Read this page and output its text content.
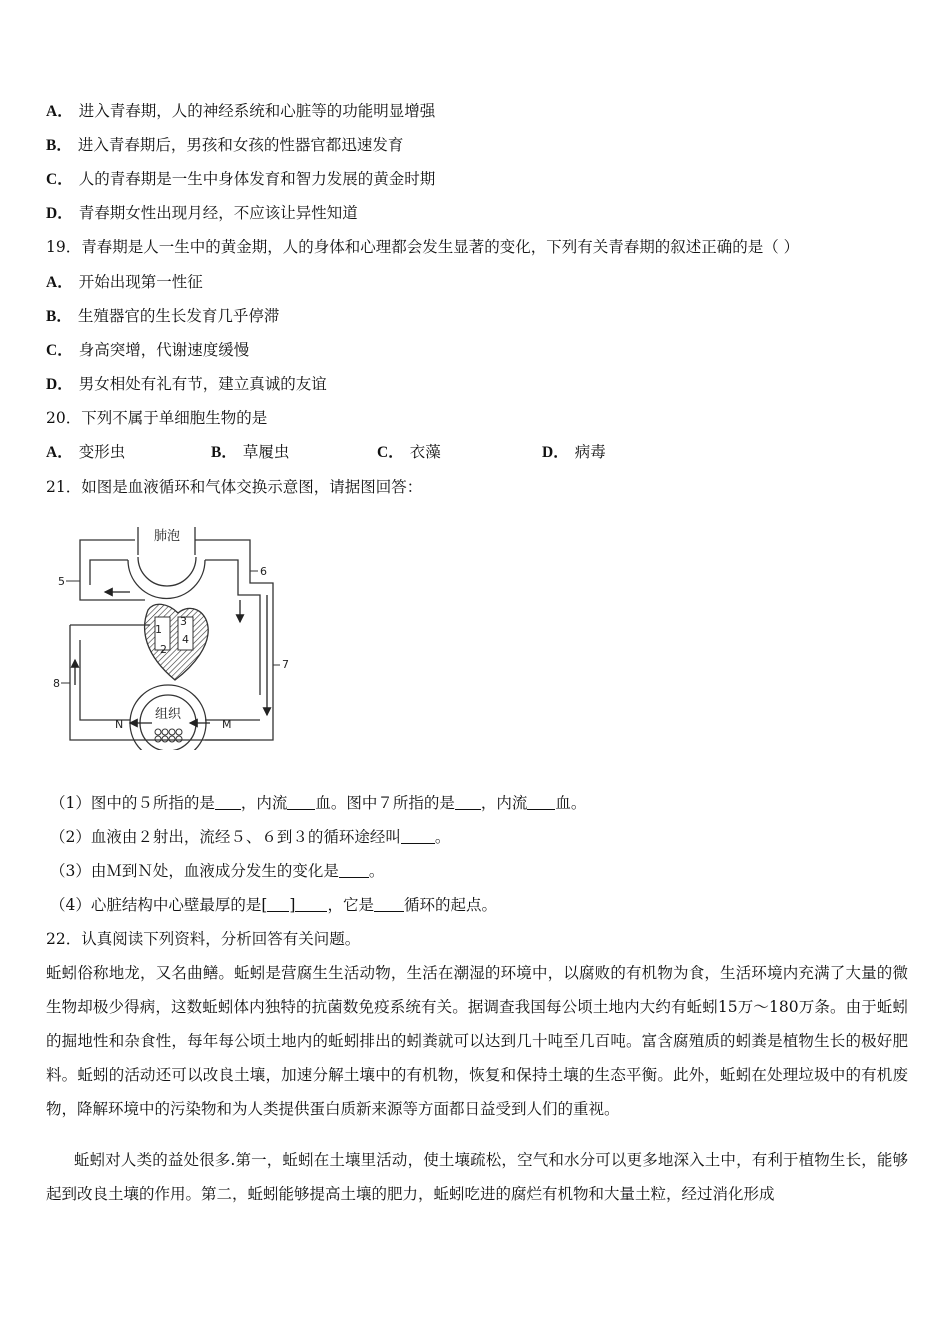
A． 进入青春期，人的神经系统和心脏等的功能明显增强
B． 进入青春期后，男孩和女孩的性器官都迅速发育
C． 人的青春期是一生中身体发育和智力发展的黄金时期
D． 青春期女性出现月经，不应该让异性知道
19．青春期是人一生中的黄金期，人的身体和心理都会发生显著的变化，下列有关青春期的叙述正确的是（ ）
A． 开始出现第一性征
B． 生殖器官的生长发育几乎停滞
C． 身高突增，代谢速度缓慢
D． 男女相处有礼有节，建立真诚的友谊
20．下列不属于单细胞生物的是
A． 变形虫	B． 草履虫	C． 衣藻	D． 病毒
21．如图是血液循环和气体交换示意图，请据图回答：
肺泡
组织
1
2
3
4
5
6
7
8
N	M
（1）图中的５所指的是 ，内流 血。图中７所指的是 ，内流 血。
（2）血液由２射出，流经５、６到３的循环途经叫 。
（3）由Ｍ到Ｎ处，血液成分发生的变化是 。
（4）心脏结构中心壁最厚的是[ ] ，它是 循环的起点。
22．认真阅读下列资料，分析回答有关问题。
蚯蚓俗称地龙，又名曲鳝。蚯蚓是营腐生生活动物，生活在潮湿的环境中，以腐败的有机物为食，生活环境内充满了大量的微生物却极少得病，这数蚯蚓体内独特的抗菌数免疫系统有关。据调查我国每公顷土地内大约有蚯蚓15万～180万条。由于蚯蚓的掘地性和杂食性，每年每公顷土地内的蚯蚓排出的蚓粪就可以达到几十吨至几百吨。富含腐殖质的蚓粪是植物生长的极好肥料。蚯蚓的活动还可以改良土壤，加速分解土壤中的有机物，恢复和保持土壤的生态平衡。此外，蚯蚓在处理垃圾中的有机废物，降解环境中的污染物和为人类提供蛋白质新来源等方面都日益受到人们的重视。
蚯蚓对人类的益处很多.第一，蚯蚓在土壤里活动，使土壤疏松，空气和水分可以更多地深入土中，有利于植物生长，能够起到改良土壤的作用。第二，蚯蚓能够提高土壤的肥力，蚯蚓吃进的腐烂有机物和大量土粒，经过消化形成
